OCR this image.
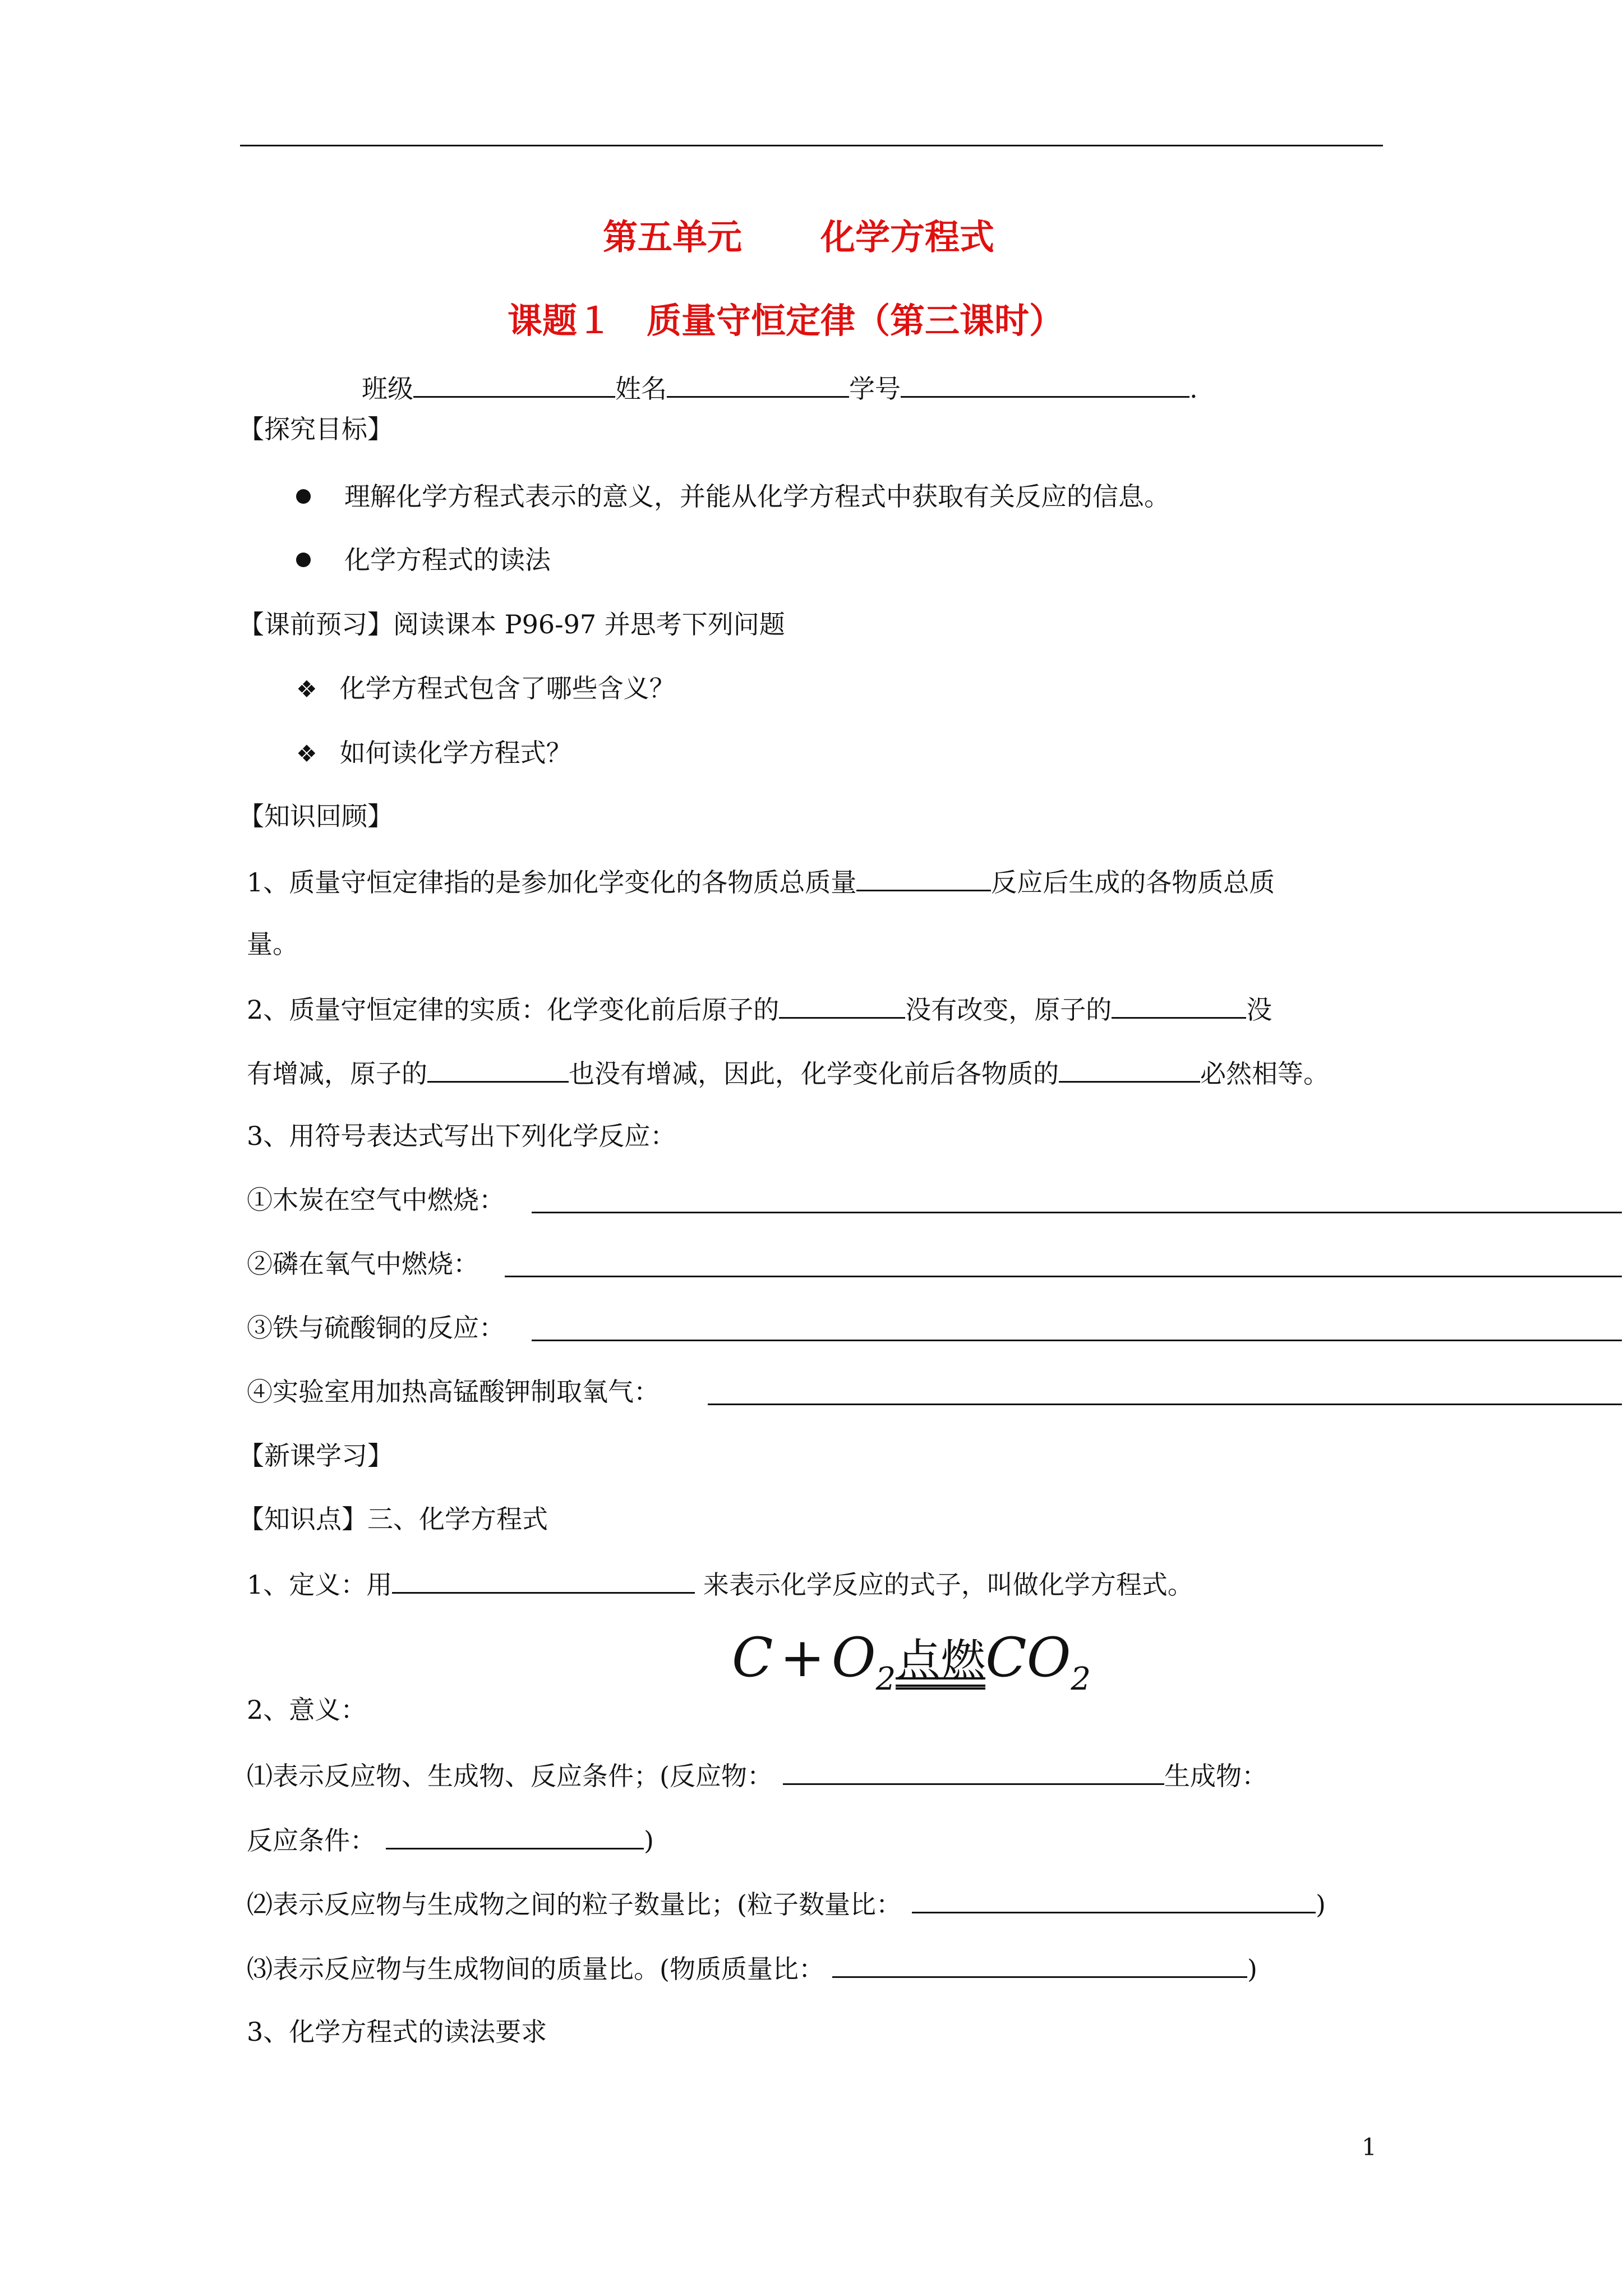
第五单元 化学方程式
课题１　质量守恒定律（第三课时）
班级	姓名	学号	.
【探究目标】
理解化学方程式表示的意义，并能从化学方程式中获取有关反应的信息。
化学方程式的读法
【课前预习】阅读课本 P96-97 并思考下列问题
❖ 化学方程式包含了哪些含义？
❖ 如何读化学方程式？
【知识回顾】
1、质量守恒定律指的是参加化学变化的各物质总质量	反应后生成的各物质总质
量。
2、质量守恒定律的实质：化学变化前后原子的	没有改变，原子的	没
有增减，原子的	也没有增减，因此，化学变化前后各物质的	必然相等。
3、用符号表达式写出下列化学反应：
①木炭在空气中燃烧：
②磷在氧气中燃烧：
③铁与硫酸铜的反应：
④实验室用加热高锰酸钾制取氧气：
【新课学习】
【知识点】三、化学方程式
1、定义：用	来表示化学反应的式子，叫做化学方程式。
$C + O_2$点燃
$CO_2$
2、意义：
⑴表示反应物、生成物、反应条件；(反应物：	生成物：
反应条件：	)
⑵表示反应物与生成物之间的粒子数量比；(粒子数量比：	)
⑶表示反应物与生成物间的质量比。(物质质量比：	)
3、化学方程式的读法要求
1
